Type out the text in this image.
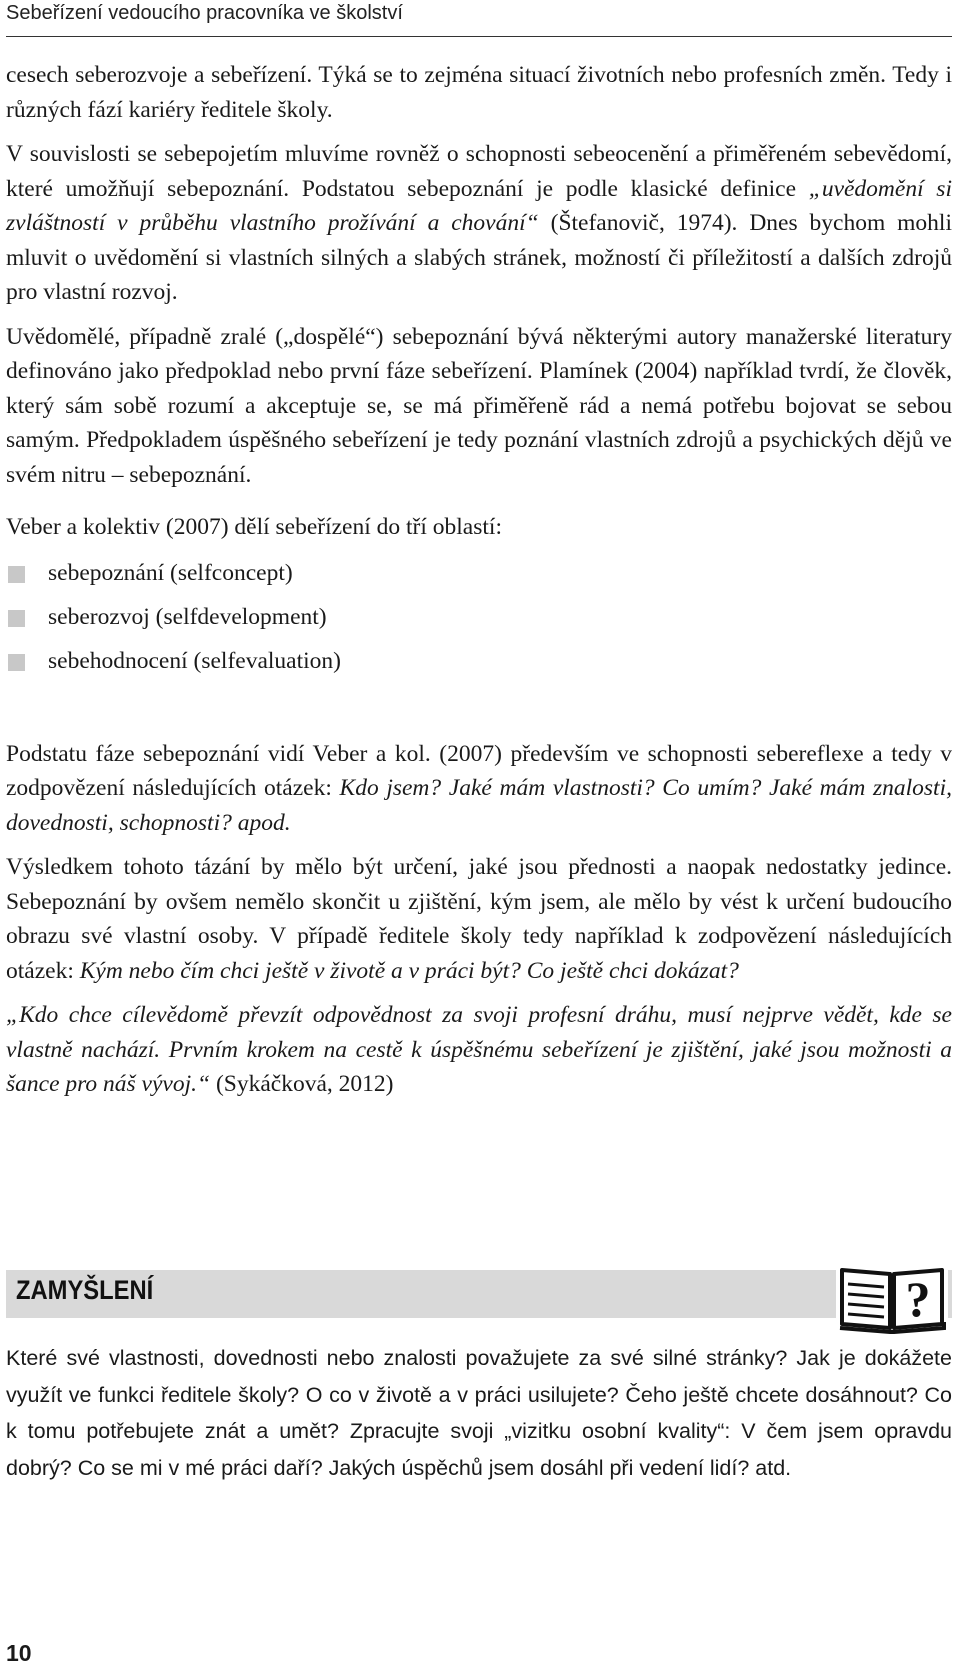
Sebeřízení vedoucího pracovníka ve školství

cesech seberozvoje a sebeřízení. Týká se to zejména situací životních nebo profesních změn. Tedy i různých fází kariéry ředitele školy.

V souvislosti se sebepojetím mluvíme rovněž o schopnosti sebeocenění a přiměřeném sebevědomí, které umožňují sebepoznání. Podstatou sebepoznání je podle klasické definice „uvědomění si zvláštností v průběhu vlastního prožívání a chování“ (Štefanovič, 1974). Dnes bychom mohli mluvit o uvědomění si vlastních silných a slabých stránek, možností či příležitostí a dalších zdrojů pro vlastní rozvoj.

Uvědomělé, případně zralé („dospělé“) sebepoznání bývá některými autory manažerské literatury definováno jako předpoklad nebo první fáze sebeřízení. Plamínek (2004) například tvrdí, že člověk, který sám sobě rozumí a akceptuje se, se má přiměřeně rád a nemá potřebu bojovat se sebou samým. Předpokladem úspěšného sebeřízení je tedy poznání vlastních zdrojů a psychických dějů ve svém nitru – sebepoznání.

Veber a kolektiv (2007) dělí sebeřízení do tří oblastí:

sebepoznání (selfconcept)
seberozvoj (selfdevelopment)
sebehodnocení (selfevaluation)

Podstatu fáze sebepoznání vidí Veber a kol. (2007) především ve schopnosti sebereflexe a tedy v zodpovězení následujících otázek: Kdo jsem? Jaké mám vlastnosti? Co umím? Jaké mám znalosti, dovednosti, schopnosti? apod.

Výsledkem tohoto tázání by mělo být určení, jaké jsou přednosti a naopak nedostatky jedince. Sebepoznání by ovšem nemělo skončit u zjištění, kým jsem, ale mělo by vést k určení budoucího obrazu své vlastní osoby. V případě ředitele školy tedy například k zodpovězení následujících otázek: Kým nebo čím chci ještě v životě a v práci být? Co ještě chci dokázat?

„Kdo chce cílevědomě převzít odpovědnost za svoji profesní dráhu, musí nejprve vědět, kde se vlastně nachází. Prvním krokem na cestě k úspěšnému sebeřízení je zjištění, jaké jsou možnosti a šance pro náš vývoj.“ (Sykáčková, 2012)

ZAMYŠLENÍ	?
Které své vlastnosti, dovednosti nebo znalosti považujete za své silné stránky? Jak je dokážete využít ve funkci ředitele školy? O co v životě a v práci usilujete? Čeho ještě chcete dosáhnout? Co k tomu potřebujete znát a umět? Zpracujte svoji „vizitku osobní kvality“: V čem jsem opravdu dobrý? Co se mi v mé práci daří? Jakých úspěchů jsem dosáhl při vedení lidí? atd.
10
